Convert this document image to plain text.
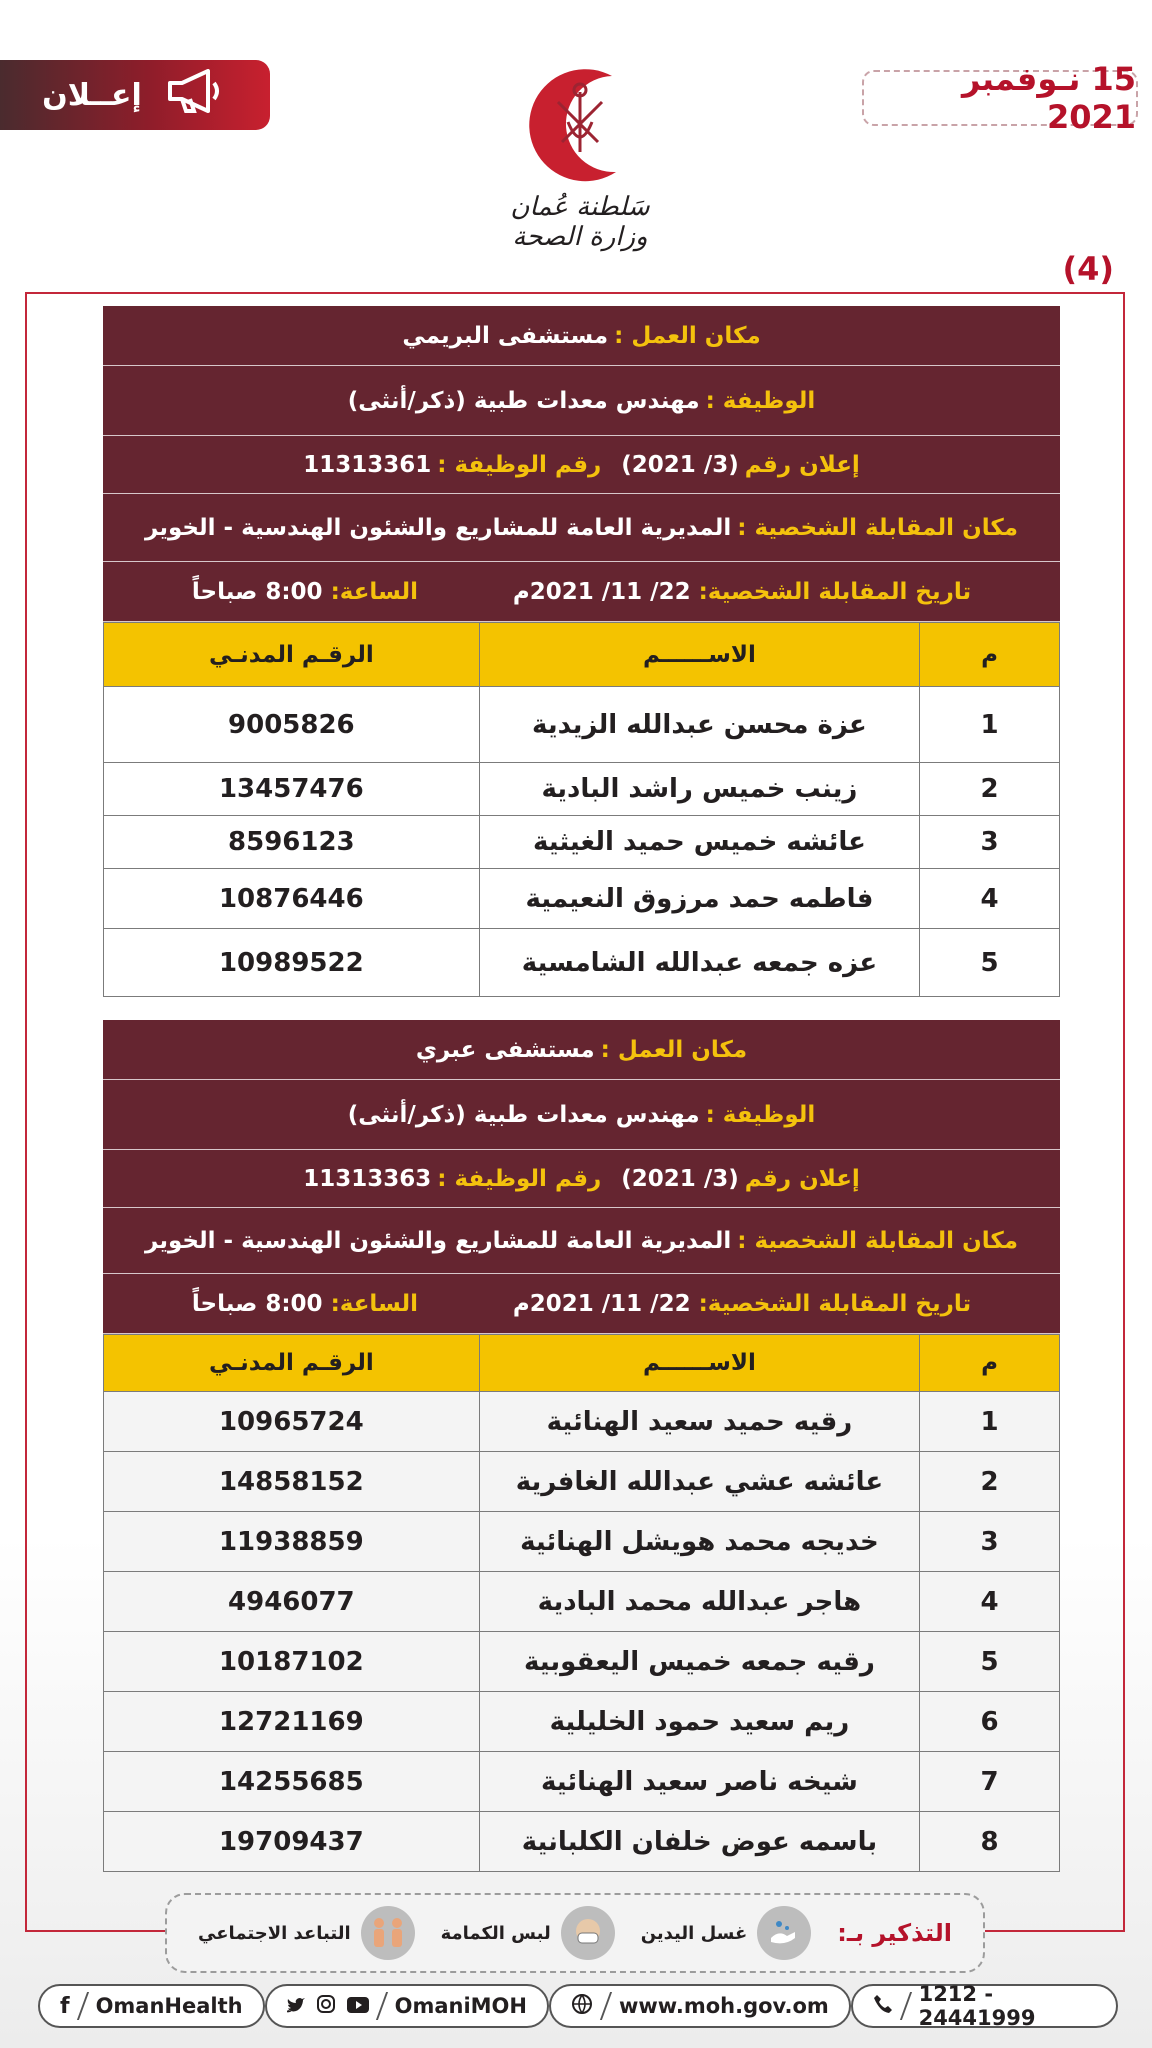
15 نـوفمبر 2021
إعــلان
سَلطنة عُمان
وزارة الصحة
(4)
مكان العمل :
مستشفى البريمي
الوظيفة :
مهندس معدات طبية (ذكر/أنثى)
إعلان رقم
(3/ 2021)
رقم الوظيفة :
11313361
مكان المقابلة الشخصية :
المديرية العامة للمشاريع والشئون الهندسية - الخوير
تاريخ المقابلة الشخصية: 22/ 11/ 2021م
الساعة: 8:00 صباحاً
م	الاســــــم	الرقـم المدنـي
1	عزة محسن عبدالله الزيدية	9005826
2	زينب خميس راشد البادية	13457476
3	عائشه خميس حميد الغيثية	8596123
4	فاطمه حمد مرزوق النعيمية	10876446
5	عزه جمعه عبدالله الشامسية	10989522
مكان العمل :
مستشفى عبري
الوظيفة :
مهندس معدات طبية (ذكر/أنثى)
إعلان رقم
(3/ 2021)
رقم الوظيفة :
11313363
مكان المقابلة الشخصية :
المديرية العامة للمشاريع والشئون الهندسية - الخوير
تاريخ المقابلة الشخصية: 22/ 11/ 2021م
الساعة: 8:00 صباحاً
م	الاســــــم	الرقـم المدنـي
1	رقيه حميد سعيد الهنائية	10965724
2	عائشه عشي عبدالله الغافرية	14858152
3	خديجه محمد هويشل الهنائية	11938859
4	هاجر عبدالله محمد البادية	4946077
5	رقيه جمعه خميس اليعقوبية	10187102
6	ريم سعيد حمود الخليلية	12721169
7	شيخه ناصر سعيد الهنائية	14255685
8	باسمه عوض خلفان الكلبانية	19709437
التذكير بـ:
غسل اليدين
لبس الكمامة
التباعد الاجتماعي
f OmanHealth	OmaniMOH	www.moh.gov.om	1212 - 24441999
